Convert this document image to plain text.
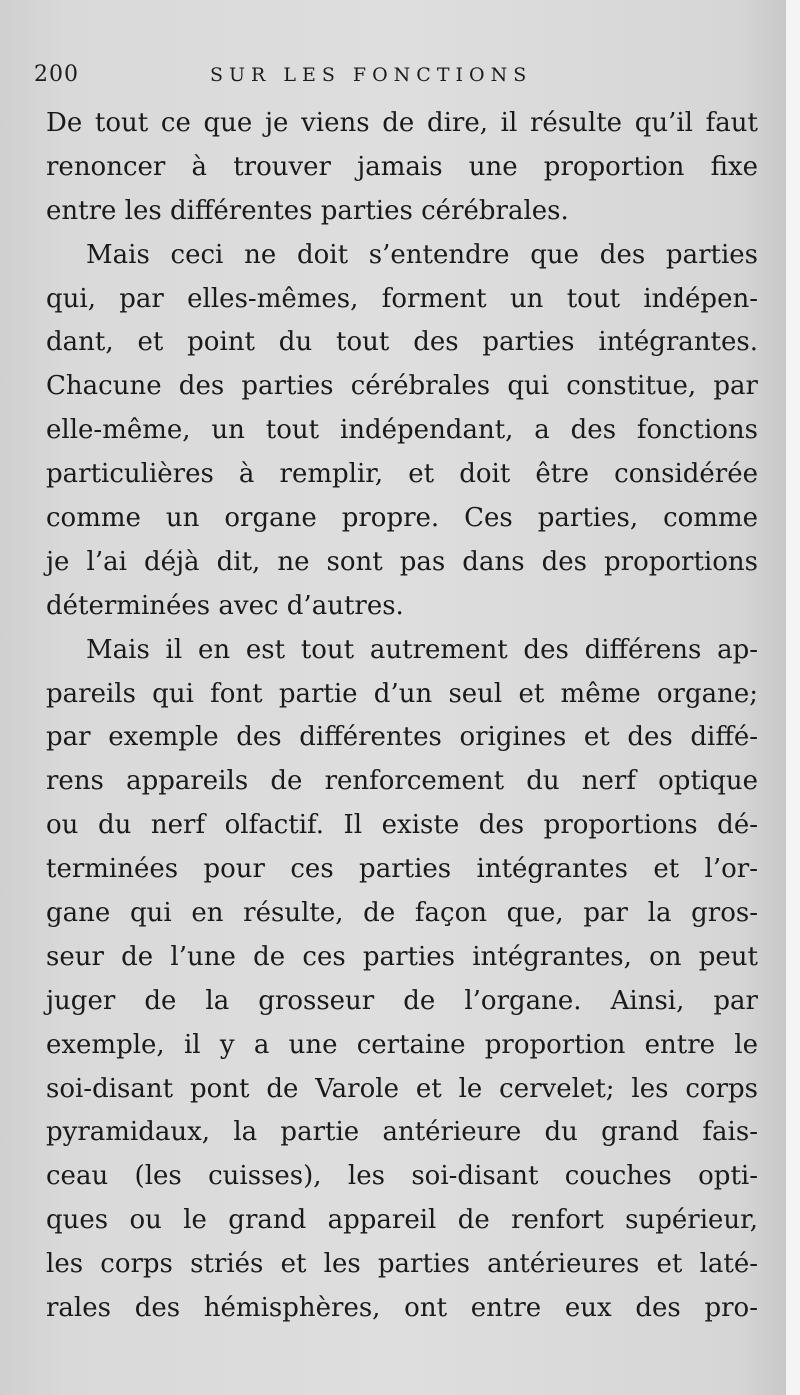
200	SUR LES FONCTIONS
De tout ce que je viens de dire, il résulte qu’il faut
renoncer à trouver jamais une proportion fixe
entre les différentes parties cérébrales.
Mais ceci ne doit s’entendre que des parties
qui, par elles-mêmes, forment un tout indépen-
dant, et point du tout des parties intégrantes.
Chacune des parties cérébrales qui constitue, par
elle-même, un tout indépendant, a des fonctions
particulières à remplir, et doit être considérée
comme un organe propre. Ces parties, comme
je l’ai déjà dit, ne sont pas dans des proportions
déterminées avec d’autres.
Mais il en est tout autrement des différens ap-
pareils qui font partie d’un seul et même organe;
par exemple des différentes origines et des diffé-
rens appareils de renforcement du nerf optique
ou du nerf olfactif. Il existe des proportions dé-
terminées pour ces parties intégrantes et l’or-
gane qui en résulte, de façon que, par la gros-
seur de l’une de ces parties intégrantes, on peut
juger de la grosseur de l’organe. Ainsi, par
exemple, il y a une certaine proportion entre le
soi-disant pont de Varole et le cervelet; les corps
pyramidaux, la partie antérieure du grand fais-
ceau (les cuisses), les soi-disant couches opti-
ques ou le grand appareil de renfort supérieur,
les corps striés et les parties antérieures et laté-
rales des hémisphères, ont entre eux des pro-
